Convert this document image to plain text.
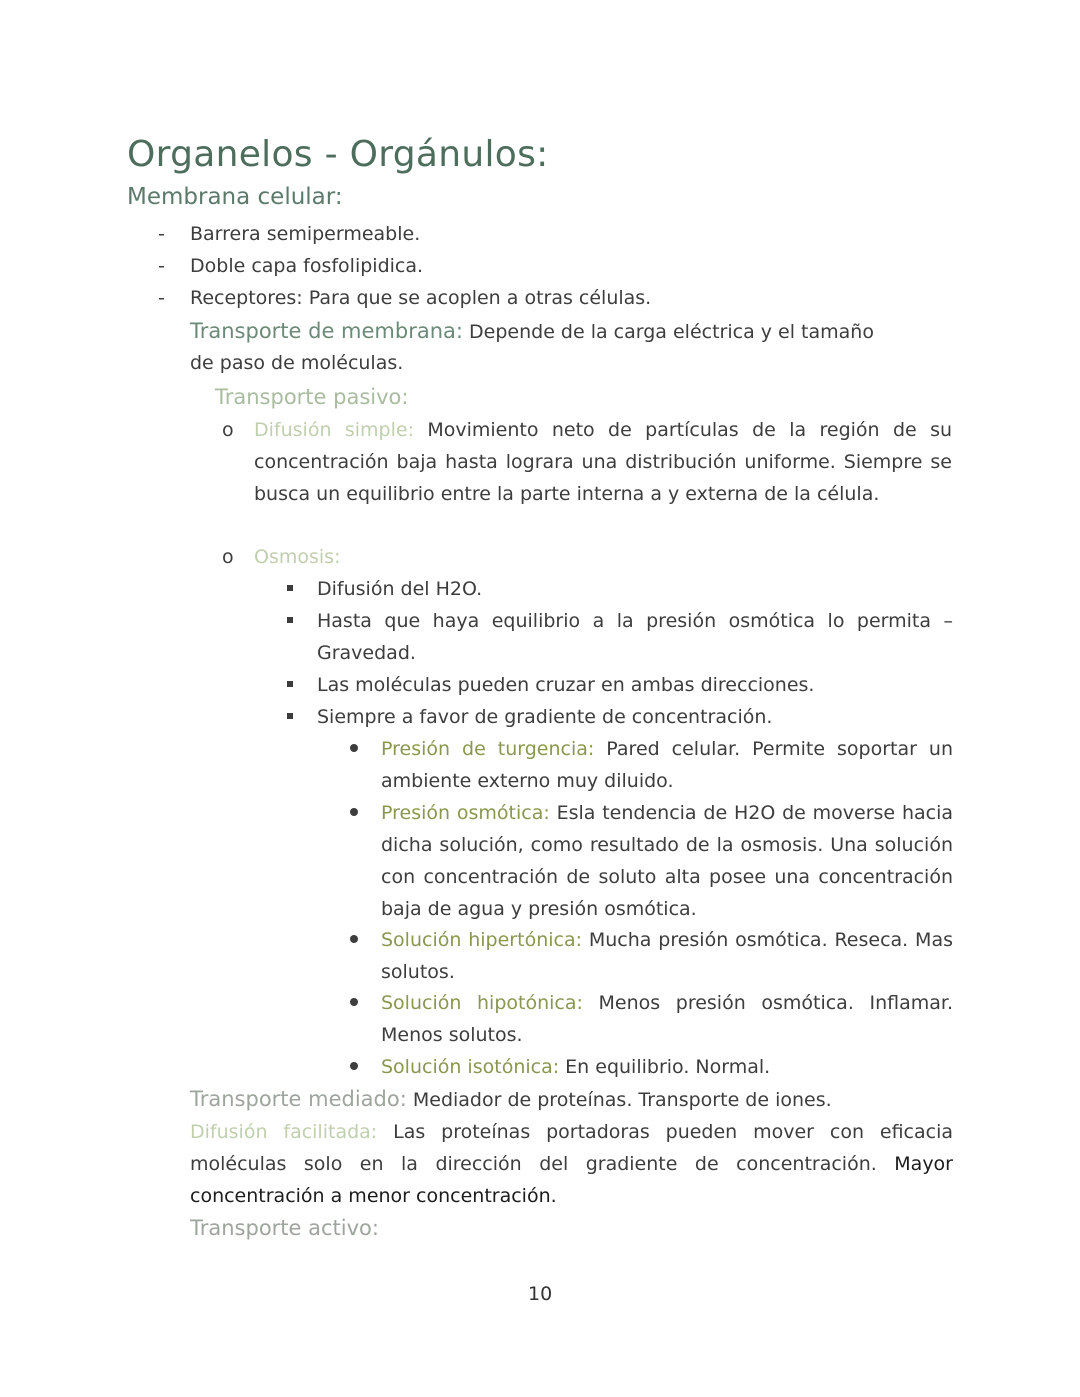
Organelos - Orgánulos:
Membrana celular:
- Barrera semipermeable.
- Doble capa fosfolipidica.
- Receptores: Para que se acoplen a otras células.
Transporte de membrana: Depende de la carga eléctrica y el tamaño
de paso de moléculas.
Transporte pasivo:
o Difusión simple: Movimiento neto de partículas de la región de su concentración baja hasta lograra una distribución uniforme. Siempre se busca un equilibrio entre la parte interna a y externa de la célula.
o Osmosis:
Difusión del H2O.
Hasta que haya equilibrio a la presión osmótica lo permita – Gravedad.
Las moléculas pueden cruzar en ambas direcciones.
Siempre a favor de gradiente de concentración.
Presión de turgencia: Pared celular. Permite soportar un ambiente externo muy diluido.
Presión osmótica: Esla tendencia de H2O de moverse hacia dicha solución, como resultado de la osmosis. Una solución con concentración de soluto alta posee una concentración baja de agua y presión osmótica.
Solución hipertónica: Mucha presión osmótica. Reseca. Mas solutos.
Solución hipotónica: Menos presión osmótica. Inflamar. Menos solutos.
Solución isotónica: En equilibrio. Normal.
Transporte mediado: Mediador de proteínas. Transporte de iones.
Difusión facilitada: Las proteínas portadoras pueden mover con eficacia moléculas solo en la dirección del gradiente de concentración. Mayor concentración a menor concentración.
Transporte activo:
10
